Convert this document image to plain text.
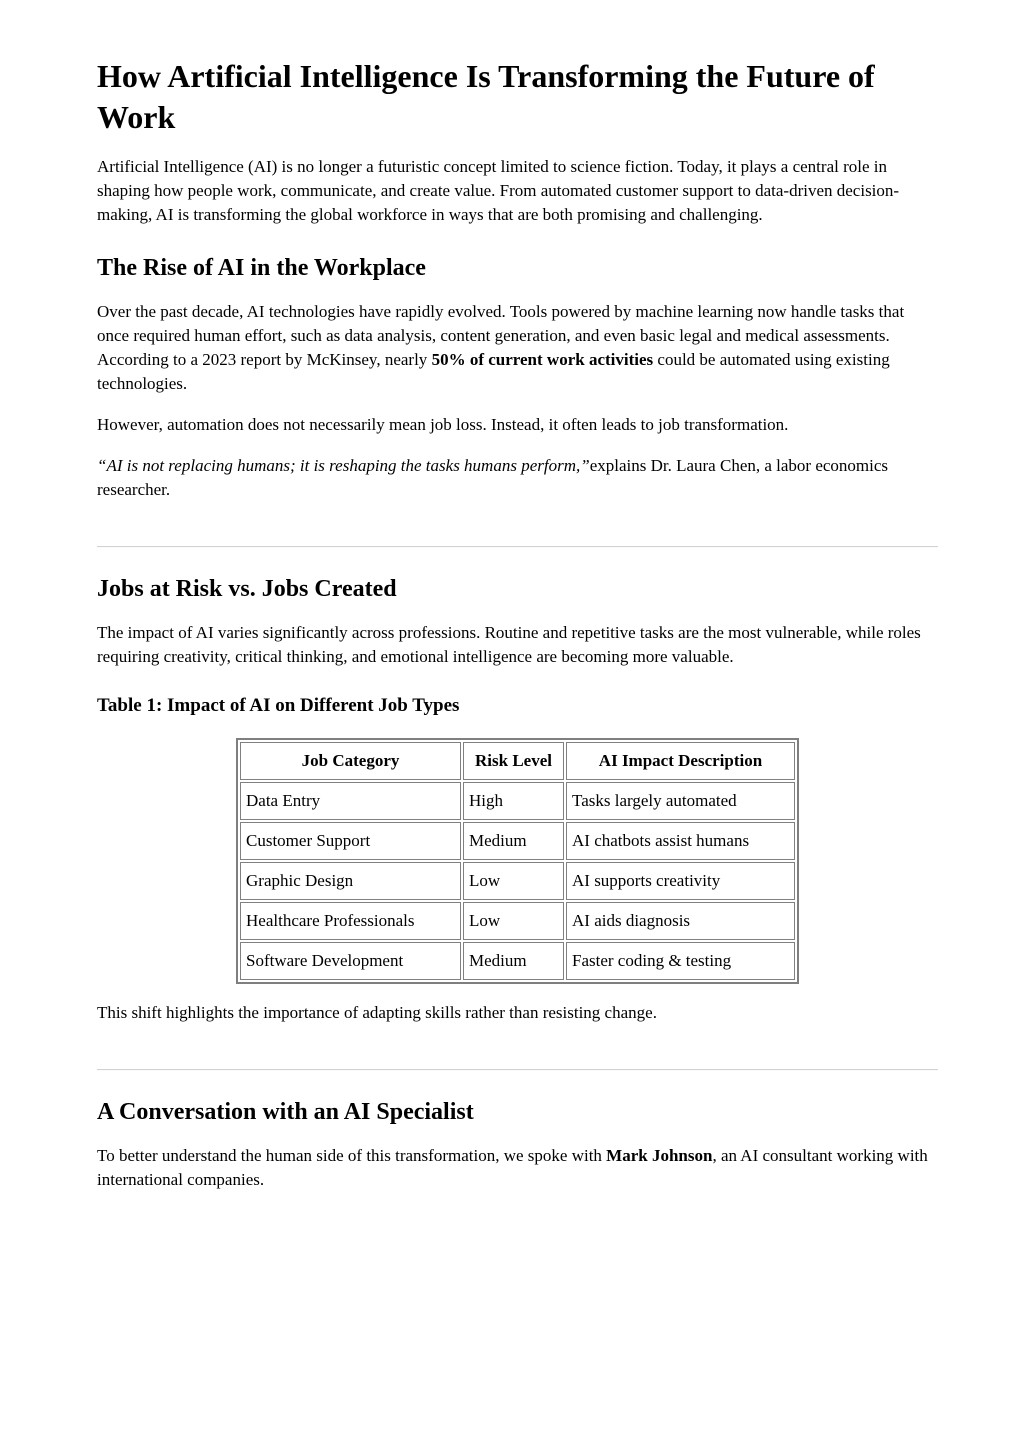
How Artificial Intelligence Is Transforming the Future of Work

Artificial Intelligence (AI) is no longer a futuristic concept limited to science fiction. Today, it plays a central role in shaping how people work, communicate, and create value. From automated customer support to data-driven decision-making, AI is transforming the global workforce in ways that are both promising and challenging.

The Rise of AI in the Workplace

Over the past decade, AI technologies have rapidly evolved. Tools powered by machine learning now handle tasks that once required human effort, such as data analysis, content generation, and even basic legal and medical assessments. According to a 2023 report by McKinsey, nearly 50% of current work activities could be automated using existing technologies.

However, automation does not necessarily mean job loss. Instead, it often leads to job transformation.

“AI is not replacing humans; it is reshaping the tasks humans perform,”explains Dr. Laura Chen, a labor economics researcher.

Jobs at Risk vs. Jobs Created

The impact of AI varies significantly across professions. Routine and repetitive tasks are the most vulnerable, while roles requiring creativity, critical thinking, and emotional intelligence are becoming more valuable.

Table 1: Impact of AI on Different Job Types

Job Category	Risk Level	AI Impact Description
Data Entry	High	Tasks largely automated
Customer Support	Medium	AI chatbots assist humans
Graphic Design	Low	AI supports creativity
Healthcare Professionals	Low	AI aids diagnosis
Software Development	Medium	Faster coding & testing

This shift highlights the importance of adapting skills rather than resisting change.

A Conversation with an AI Specialist

To better understand the human side of this transformation, we spoke with Mark Johnson, an AI consultant working with international companies.
